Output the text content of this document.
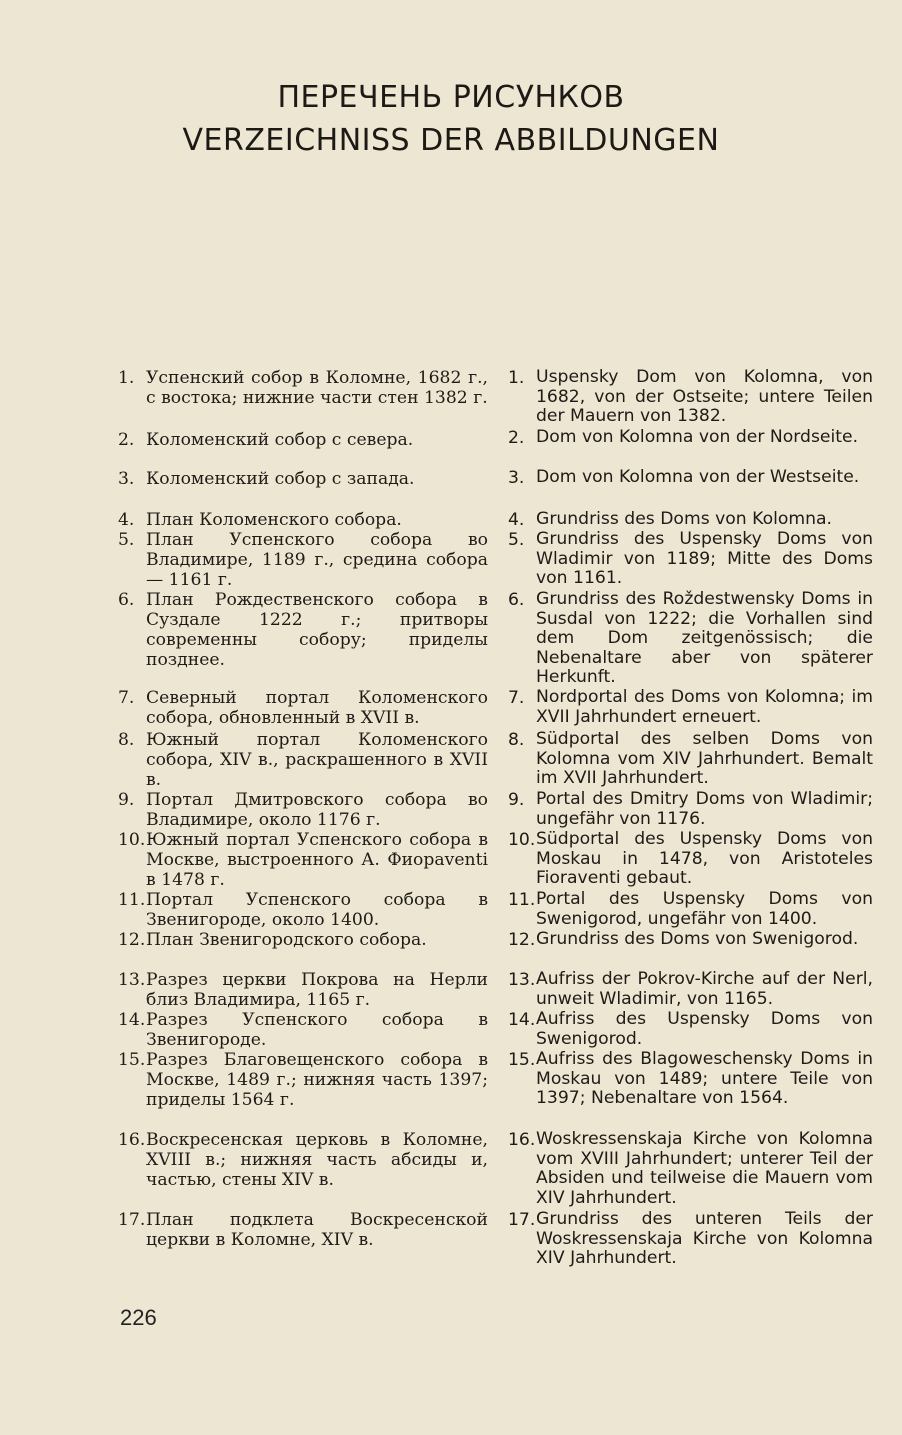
ПЕРЕЧЕНЬ РИСУНКОВ
VERZEICHNISS DER ABBILDUNGEN
1. Успенский собор в Коломне, 1682 г., с востока; нижние части стен 1382 г.
2. Коломенский собор с севера.
3. Коломенский собор с запада.
4. План Коломенского собора.
5. План Успенского собора во Владимире, 1189 г., средина собора— 1161 г.
6. План Рождественского собора в Суздале 1222 г.; притворы современны собору; приделы позднее.
7. Северный портал Коломенского собора, обновленный в XVII в.
8. Южный портал Коломенского собора, XIV в., раскрашенного в XVII в.
9. Портал Дмитровского собора во Владимире, около 1176 г.
10. Южный портал Успенского собора в Москве, выстроенного А. Фиораventi в 1478 г.
11. Портал Успенского собора в Звенигороде, около 1400.
12. План Звенигородского собора.
13. Разрез церкви Покрова на Нерли близ Владимира, 1165 г.
14. Разрез Успенского собора в Звенигороде.
15. Разрез Благовещенского собора в Москве, 1489 г.; нижняя часть 1397; приделы 1564 г.
16. Воскресенская церковь в Коломне, XVIII в.; нижняя часть абсиды и, частью, стены XIV в.
17. План подклета Воскресенской церкви в Коломне, XIV в.
1. Uspensky Dom von Kolomna, von 1682, von der Ostseite; untere Teilen der Mauern von 1382.
2. Dom von Kolomna von der Nordseite.
3. Dom von Kolomna von der Westseite.
4. Grundriss des Doms von Kolomna.
5. Grundriss des Uspensky Doms von Wladimir von 1189; Mitte des Doms von 1161.
6. Grundriss des Roždestwensky Doms in Susdal von 1222; die Vorhallen sind dem Dom zeitgenössisch; die Nebenaltare aber von späterer Herkunft.
7. Nordportal des Doms von Kolomna; im XVII Jahrhundert erneuert.
8. Südportal des selben Doms von Kolomna vom XIV Jahrhundert. Bemalt im XVII Jahrhundert.
9. Portal des Dmitry Doms von Wladimir; ungefähr von 1176.
10. Südportal des Uspensky Doms von Moskau in 1478, von Aristoteles Fioraventi gebaut.
11. Portal des Uspensky Doms von Swenigorod, ungefähr von 1400.
12. Grundriss des Doms von Swenigorod.
13. Aufriss der Pokrov-Kirche auf der Nerl, unweit Wladimir, von 1165.
14. Aufriss des Uspensky Doms von Swenigorod.
15. Aufriss des Blagoweschensky Doms in Moskau von 1489; untere Teile von 1397; Nebenaltare von 1564.
16. Woskressenskaja Kirche von Kolomna vom XVIII Jahrhundert; unterer Teil der Absiden und teilweise die Mauern vom XIV Jahrhundert.
17. Grundriss des unteren Teils der Woskressenskaja Kirche von Kolomna XIV Jahrhundert.
226
